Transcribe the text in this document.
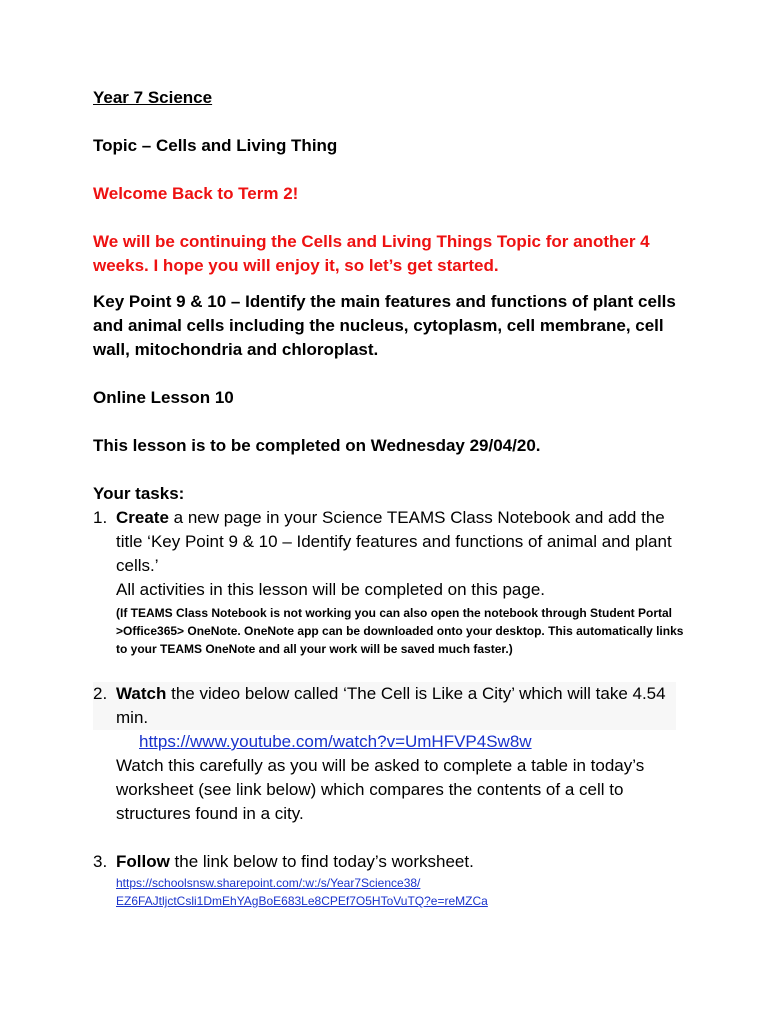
Year 7 Science

Topic – Cells and Living Thing

Welcome Back to Term 2!

We will be continuing the Cells and Living Things Topic for another 4 weeks. I hope you will enjoy it, so let’s get started.

Key Point 9 & 10 – Identify the main features and functions of plant cells and animal cells including the nucleus, cytoplasm, cell membrane, cell wall, mitochondria and chloroplast.

Online Lesson 10

This lesson is to be completed on Wednesday 29/04/20.

Your tasks:

1. Create a new page in your Science TEAMS Class Notebook and add the title ‘Key Point 9 & 10 – Identify features and functions of animal and plant cells.’
All activities in this lesson will be completed on this page.
(If TEAMS Class Notebook is not working you can also open the notebook through Student Portal >Office365> OneNote. OneNote app can be downloaded onto your desktop. This automatically links to your TEAMS OneNote and all your work will be saved much faster.)
2. Watch the video below called ‘The Cell is Like a City’ which will take 4.54 min.
https://www.youtube.com/watch?v=UmHFVP4Sw8w
Watch this carefully as you will be asked to complete a table in today’s worksheet (see link below) which compares the contents of a cell to structures found in a city.
3. Follow the link below to find today’s worksheet.
https://schoolsnsw.sharepoint.com/:w:/s/Year7Science38/
EZ6FAJtljctCsli1DmEhYAgBoE683Le8CPEf7O5HToVuTQ?e=reMZCa
